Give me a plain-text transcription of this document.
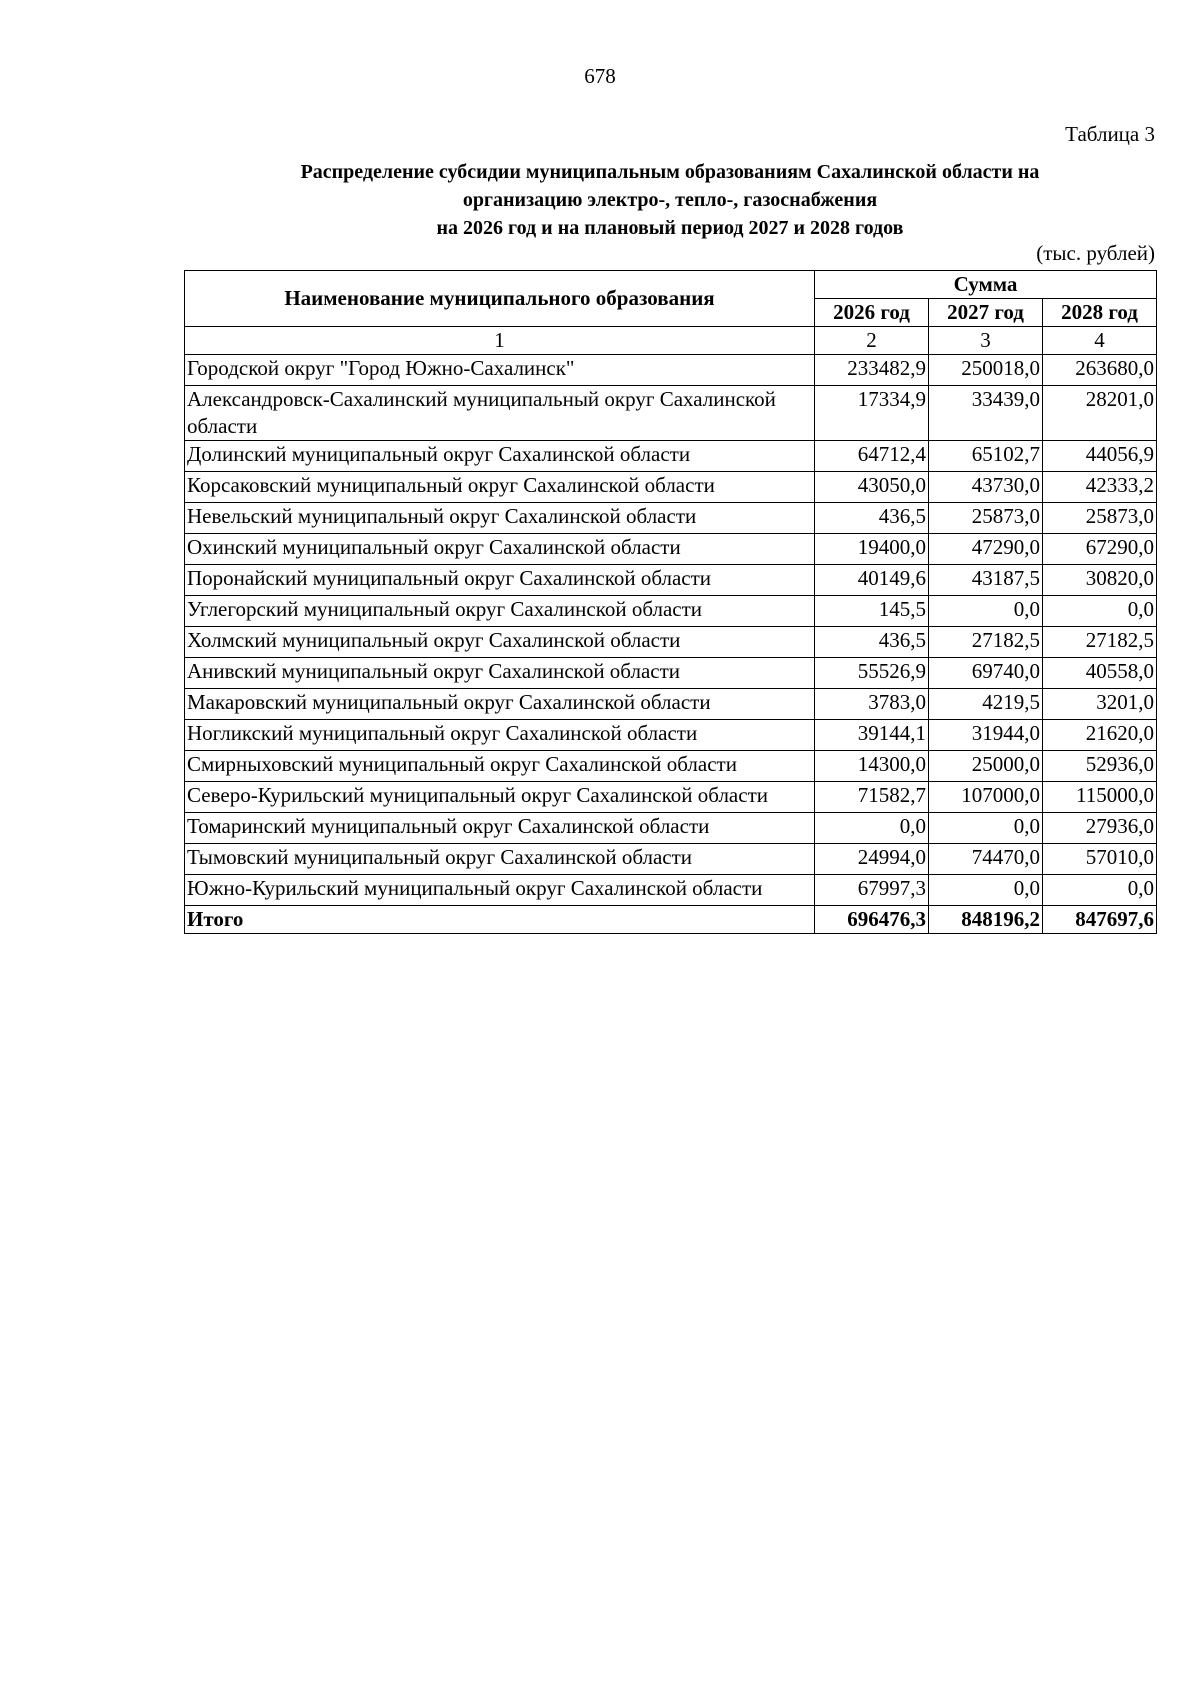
678
Таблица 3
Распределение субсидии муниципальным образованиям Сахалинской области на
организацию электро-, тепло-, газоснабжения
на 2026 год и на плановый период 2027 и 2028 годов
(тыс. рублей)
Наименование муниципального образования	Сумма		
	2026 год	2027 год	2028 год
1	2	3	4
Городской округ "Город Южно-Сахалинск"	233482,9	250018,0	263680,0
Александровск-Сахалинский муниципальный округ Сахалинской области	17334,9	33439,0	28201,0
Долинский муниципальный округ Сахалинской области	64712,4	65102,7	44056,9
Корсаковский муниципальный округ Сахалинской области	43050,0	43730,0	42333,2
Невельский муниципальный округ Сахалинской области	436,5	25873,0	25873,0
Охинский муниципальный округ Сахалинской области	19400,0	47290,0	67290,0
Поронайский муниципальный округ Сахалинской области	40149,6	43187,5	30820,0
Углегорский муниципальный округ Сахалинской области	145,5	0,0	0,0
Холмский муниципальный округ Сахалинской области	436,5	27182,5	27182,5
Анивский муниципальный округ Сахалинской области	55526,9	69740,0	40558,0
Макаровский муниципальный округ Сахалинской области	3783,0	4219,5	3201,0
Ногликский муниципальный округ Сахалинской области	39144,1	31944,0	21620,0
Смирныховский муниципальный округ Сахалинской области	14300,0	25000,0	52936,0
Северо-Курильский муниципальный округ Сахалинской области	71582,7	107000,0	115000,0
Томаринский муниципальный округ Сахалинской области	0,0	0,0	27936,0
Тымовский муниципальный округ Сахалинской области	24994,0	74470,0	57010,0
Южно-Курильский муниципальный округ Сахалинской области	67997,3	0,0	0,0
Итого	696476,3	848196,2	847697,6
